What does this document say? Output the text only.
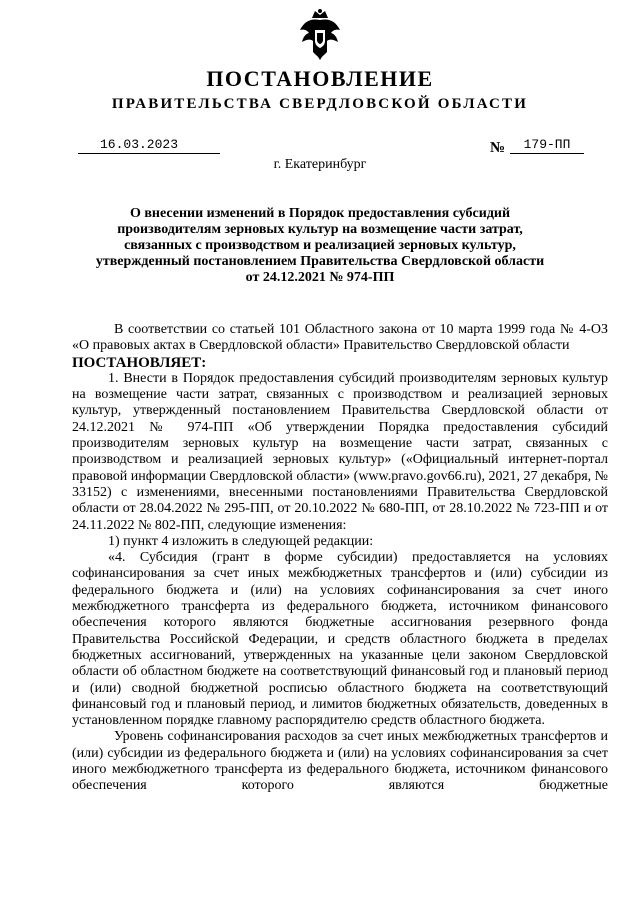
ПОСТАНОВЛЕНИЕ
ПРАВИТЕЛЬСТВА СВЕРДЛОВСКОЙ ОБЛАСТИ
16.03.2023	№	179-ПП
г. Екатеринбург
О внесении изменений в Порядок предоставления субсидий
производителям зерновых культур на возмещение части затрат,
связанных с производством и реализацией зерновых культур,
утвержденный постановлением Правительства Свердловской области
от 24.12.2021 № 974-ПП
В соответствии со статьей 101 Областного закона от 10 марта 1999 года № 4-ОЗ «О правовых актах в Свердловской области» Правительство Свердловской области
ПОСТАНОВЛЯЕТ:
1. Внести в Порядок предоставления субсидий производителям зерновых культур на возмещение части затрат, связанных с производством и реализацией зерновых культур, утвержденный постановлением Правительства Свердловской области от 24.12.2021 № 974-ПП «Об утверждении Порядка предоставления субсидий производителям зерновых культур на возмещение части затрат, связанных с производством и реализацией зерновых культур» («Официальный интернет-портал правовой информации Свердловской области» (www.pravo.gov66.ru), 2021, 27 декабря, № 33152) с изменениями, внесенными постановлениями Правительства Свердловской области от 28.04.2022 № 295-ПП, от 20.10.2022 № 680-ПП, от 28.10.2022 № 723-ПП и от 24.11.2022 № 802-ПП, следующие изменения:
1) пункт 4 изложить в следующей редакции:
«4. Субсидия (грант в форме субсидии) предоставляется на условиях софинансирования за счет иных межбюджетных трансфертов и (или) субсидии из федерального бюджета и (или) на условиях софинансирования за счет иного межбюджетного трансферта из федерального бюджета, источником финансового обеспечения которого являются бюджетные ассигнования резервного фонда Правительства Российской Федерации, и средств областного бюджета в пределах бюджетных ассигнований, утвержденных на указанные цели законом Свердловской области об областном бюджете на соответствующий финансовый год и плановый период и (или) сводной бюджетной росписью областного бюджета на соответствующий финансовый год и плановый период, и лимитов бюджетных обязательств, доведенных в установленном порядке главному распорядителю средств областного бюджета.
Уровень софинансирования расходов за счет иных межбюджетных трансфертов и (или) субсидии из федерального бюджета и (или) на условиях софинансирования за счет иного межбюджетного трансферта из федерального бюджета, источником финансового обеспечения которого являются бюджетные
